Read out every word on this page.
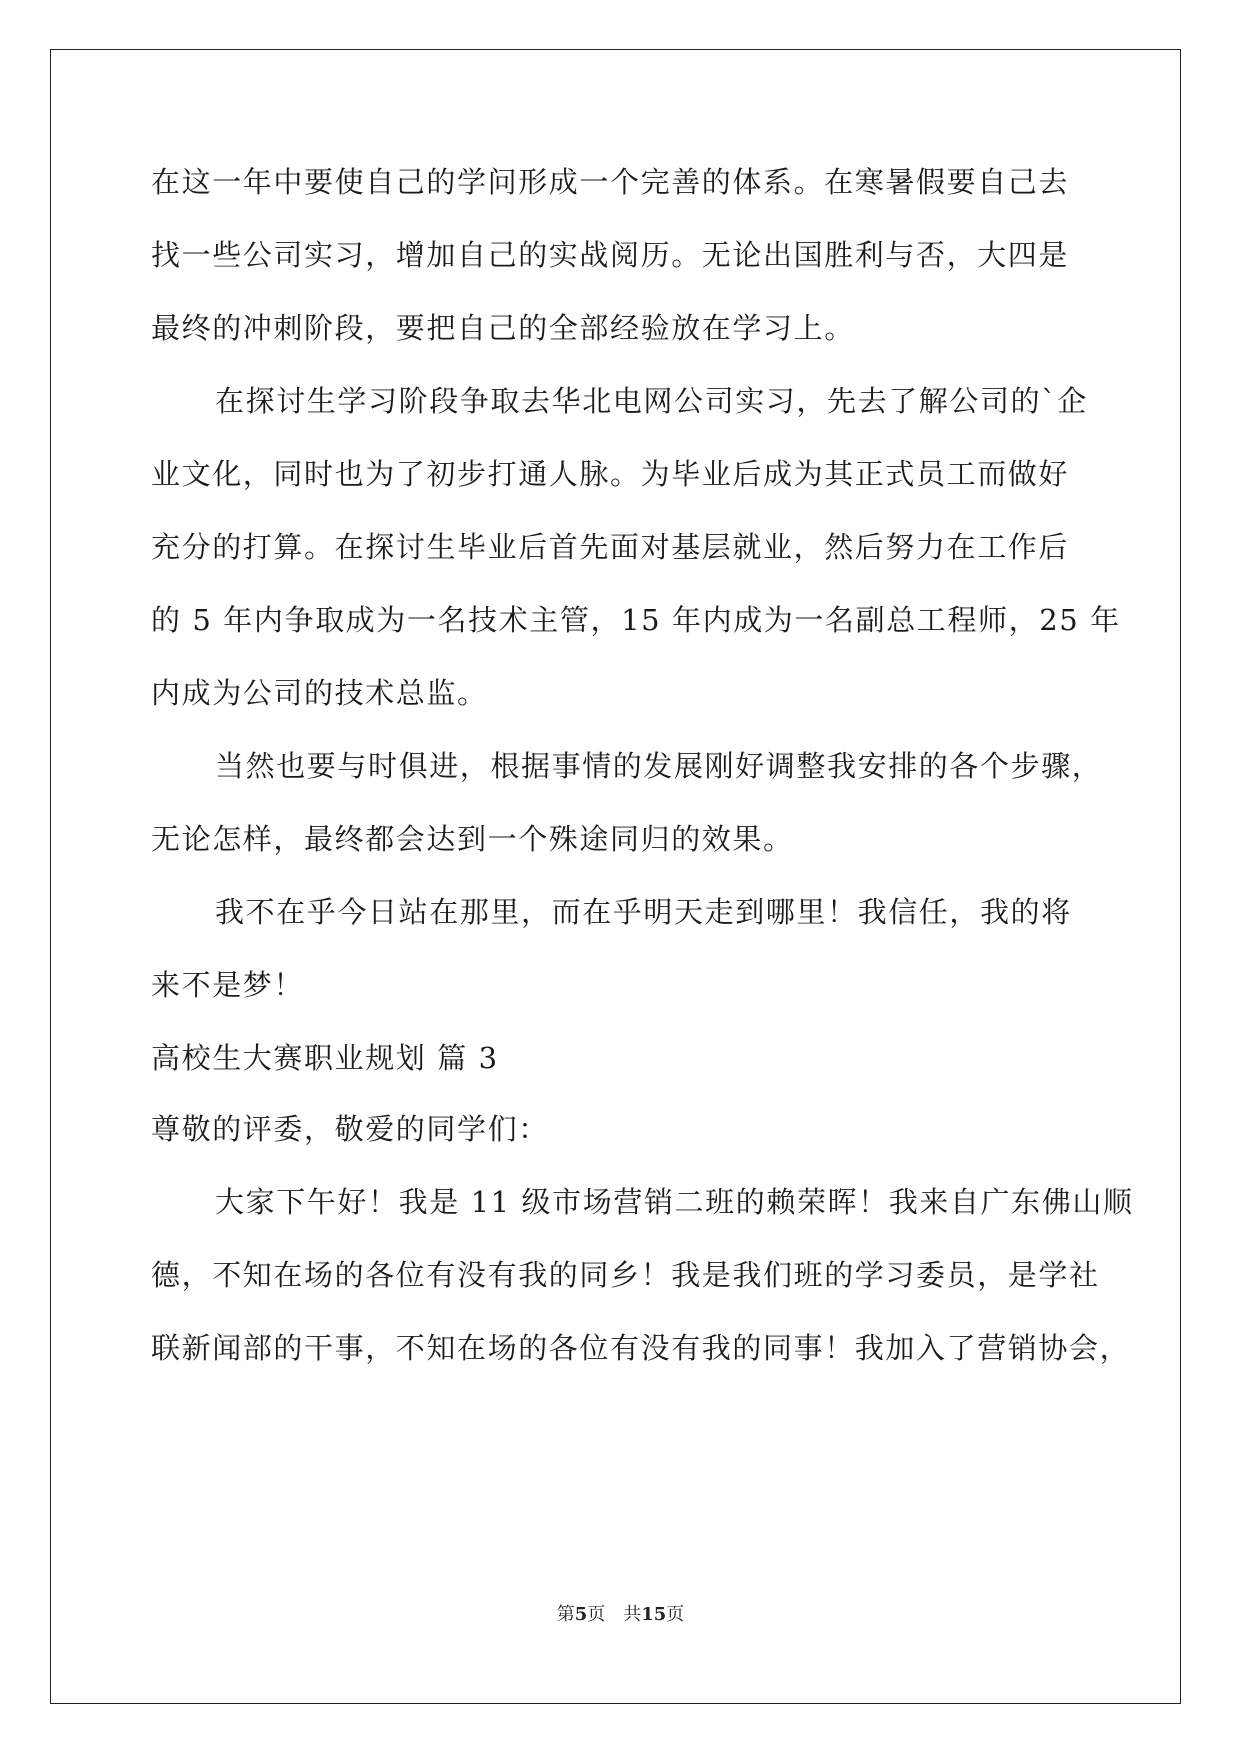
在这一年中要使自己的学问形成一个完善的体系。在寒暑假要自己去
找一些公司实习，增加自己的实战阅历。无论出国胜利与否，大四是
最终的冲刺阶段，要把自己的全部经验放在学习上。
在探讨生学习阶段争取去华北电网公司实习，先去了解公司的`企
业文化，同时也为了初步打通人脉。为毕业后成为其正式员工而做好
充分的打算。在探讨生毕业后首先面对基层就业，然后努力在工作后
的 5 年内争取成为一名技术主管，15 年内成为一名副总工程师，25 年
内成为公司的技术总监。
当然也要与时俱进，根据事情的发展刚好调整我安排的各个步骤，
无论怎样，最终都会达到一个殊途同归的效果。
我不在乎今日站在那里，而在乎明天走到哪里！我信任，我的将
来不是梦！
高校生大赛职业规划 篇 3
尊敬的评委，敬爱的同学们：
大家下午好！我是 11 级市场营销二班的赖荣晖！我来自广东佛山顺
德，不知在场的各位有没有我的同乡！我是我们班的学习委员，是学社
联新闻部的干事，不知在场的各位有没有我的同事！我加入了营销协会，
第5页 共15页
